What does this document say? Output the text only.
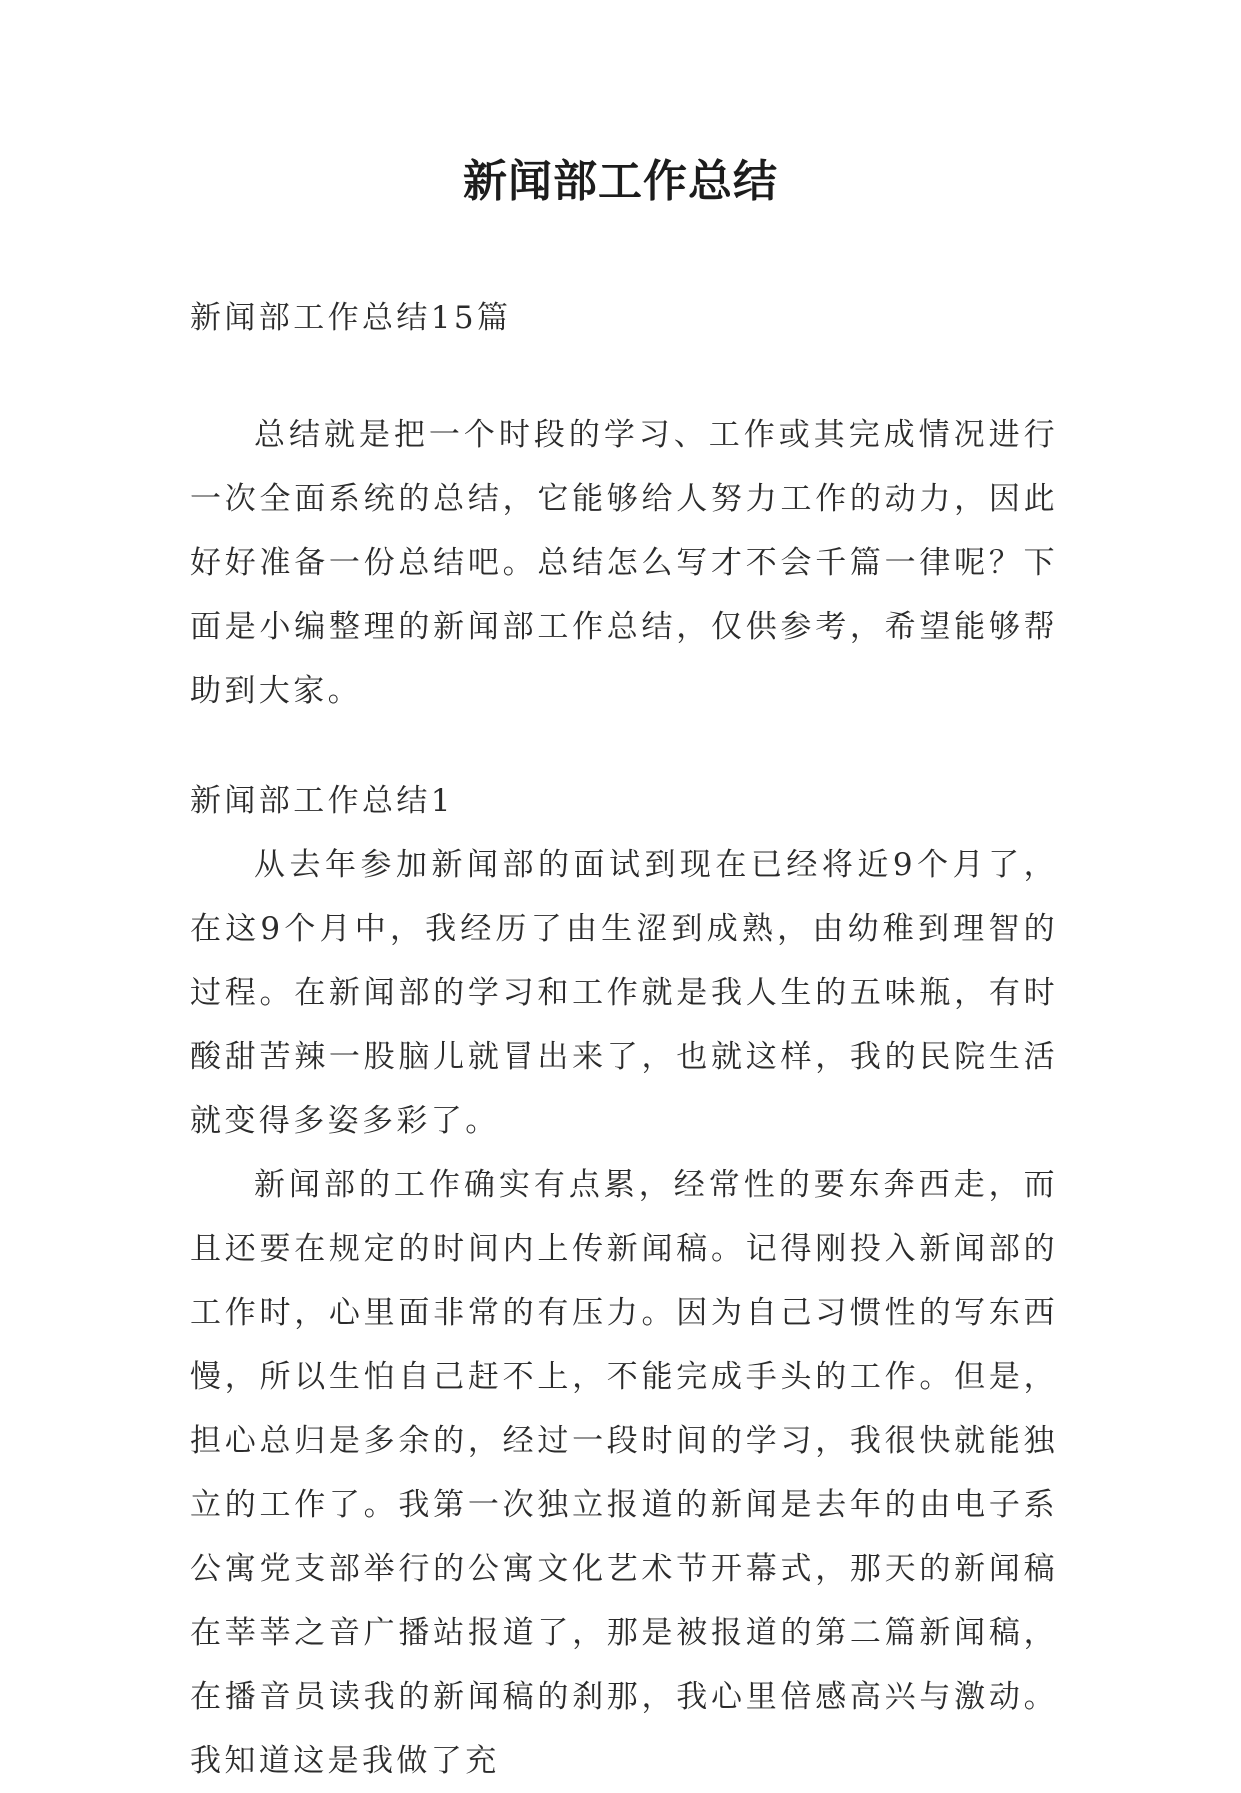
新闻部工作总结

新闻部工作总结15篇

总结就是把一个时段的学习、工作或其完成情况进行一次全面系统的总结，它能够给人努力工作的动力，因此好好准备一份总结吧。总结怎么写才不会千篇一律呢？下面是小编整理的新闻部工作总结，仅供参考，希望能够帮助到大家。

新闻部工作总结1

从去年参加新闻部的面试到现在已经将近9个月了，在这9个月中，我经历了由生涩到成熟，由幼稚到理智的过程。在新闻部的学习和工作就是我人生的五味瓶，有时酸甜苦辣一股脑儿就冒出来了，也就这样，我的民院生活就变得多姿多彩了。

新闻部的工作确实有点累，经常性的要东奔西走，而且还要在规定的时间内上传新闻稿。记得刚投入新闻部的工作时，心里面非常的有压力。因为自己习惯性的写东西慢，所以生怕自己赶不上，不能完成手头的工作。但是，担心总归是多余的，经过一段时间的学习，我很快就能独立的工作了。我第一次独立报道的新闻是去年的由电子系公寓党支部举行的公寓文化艺术节开幕式，那天的新闻稿在莘莘之音广播站报道了，那是被报道的第二篇新闻稿，在播音员读我的新闻稿的刹那，我心里倍感高兴与激动。我知道这是我做了充
